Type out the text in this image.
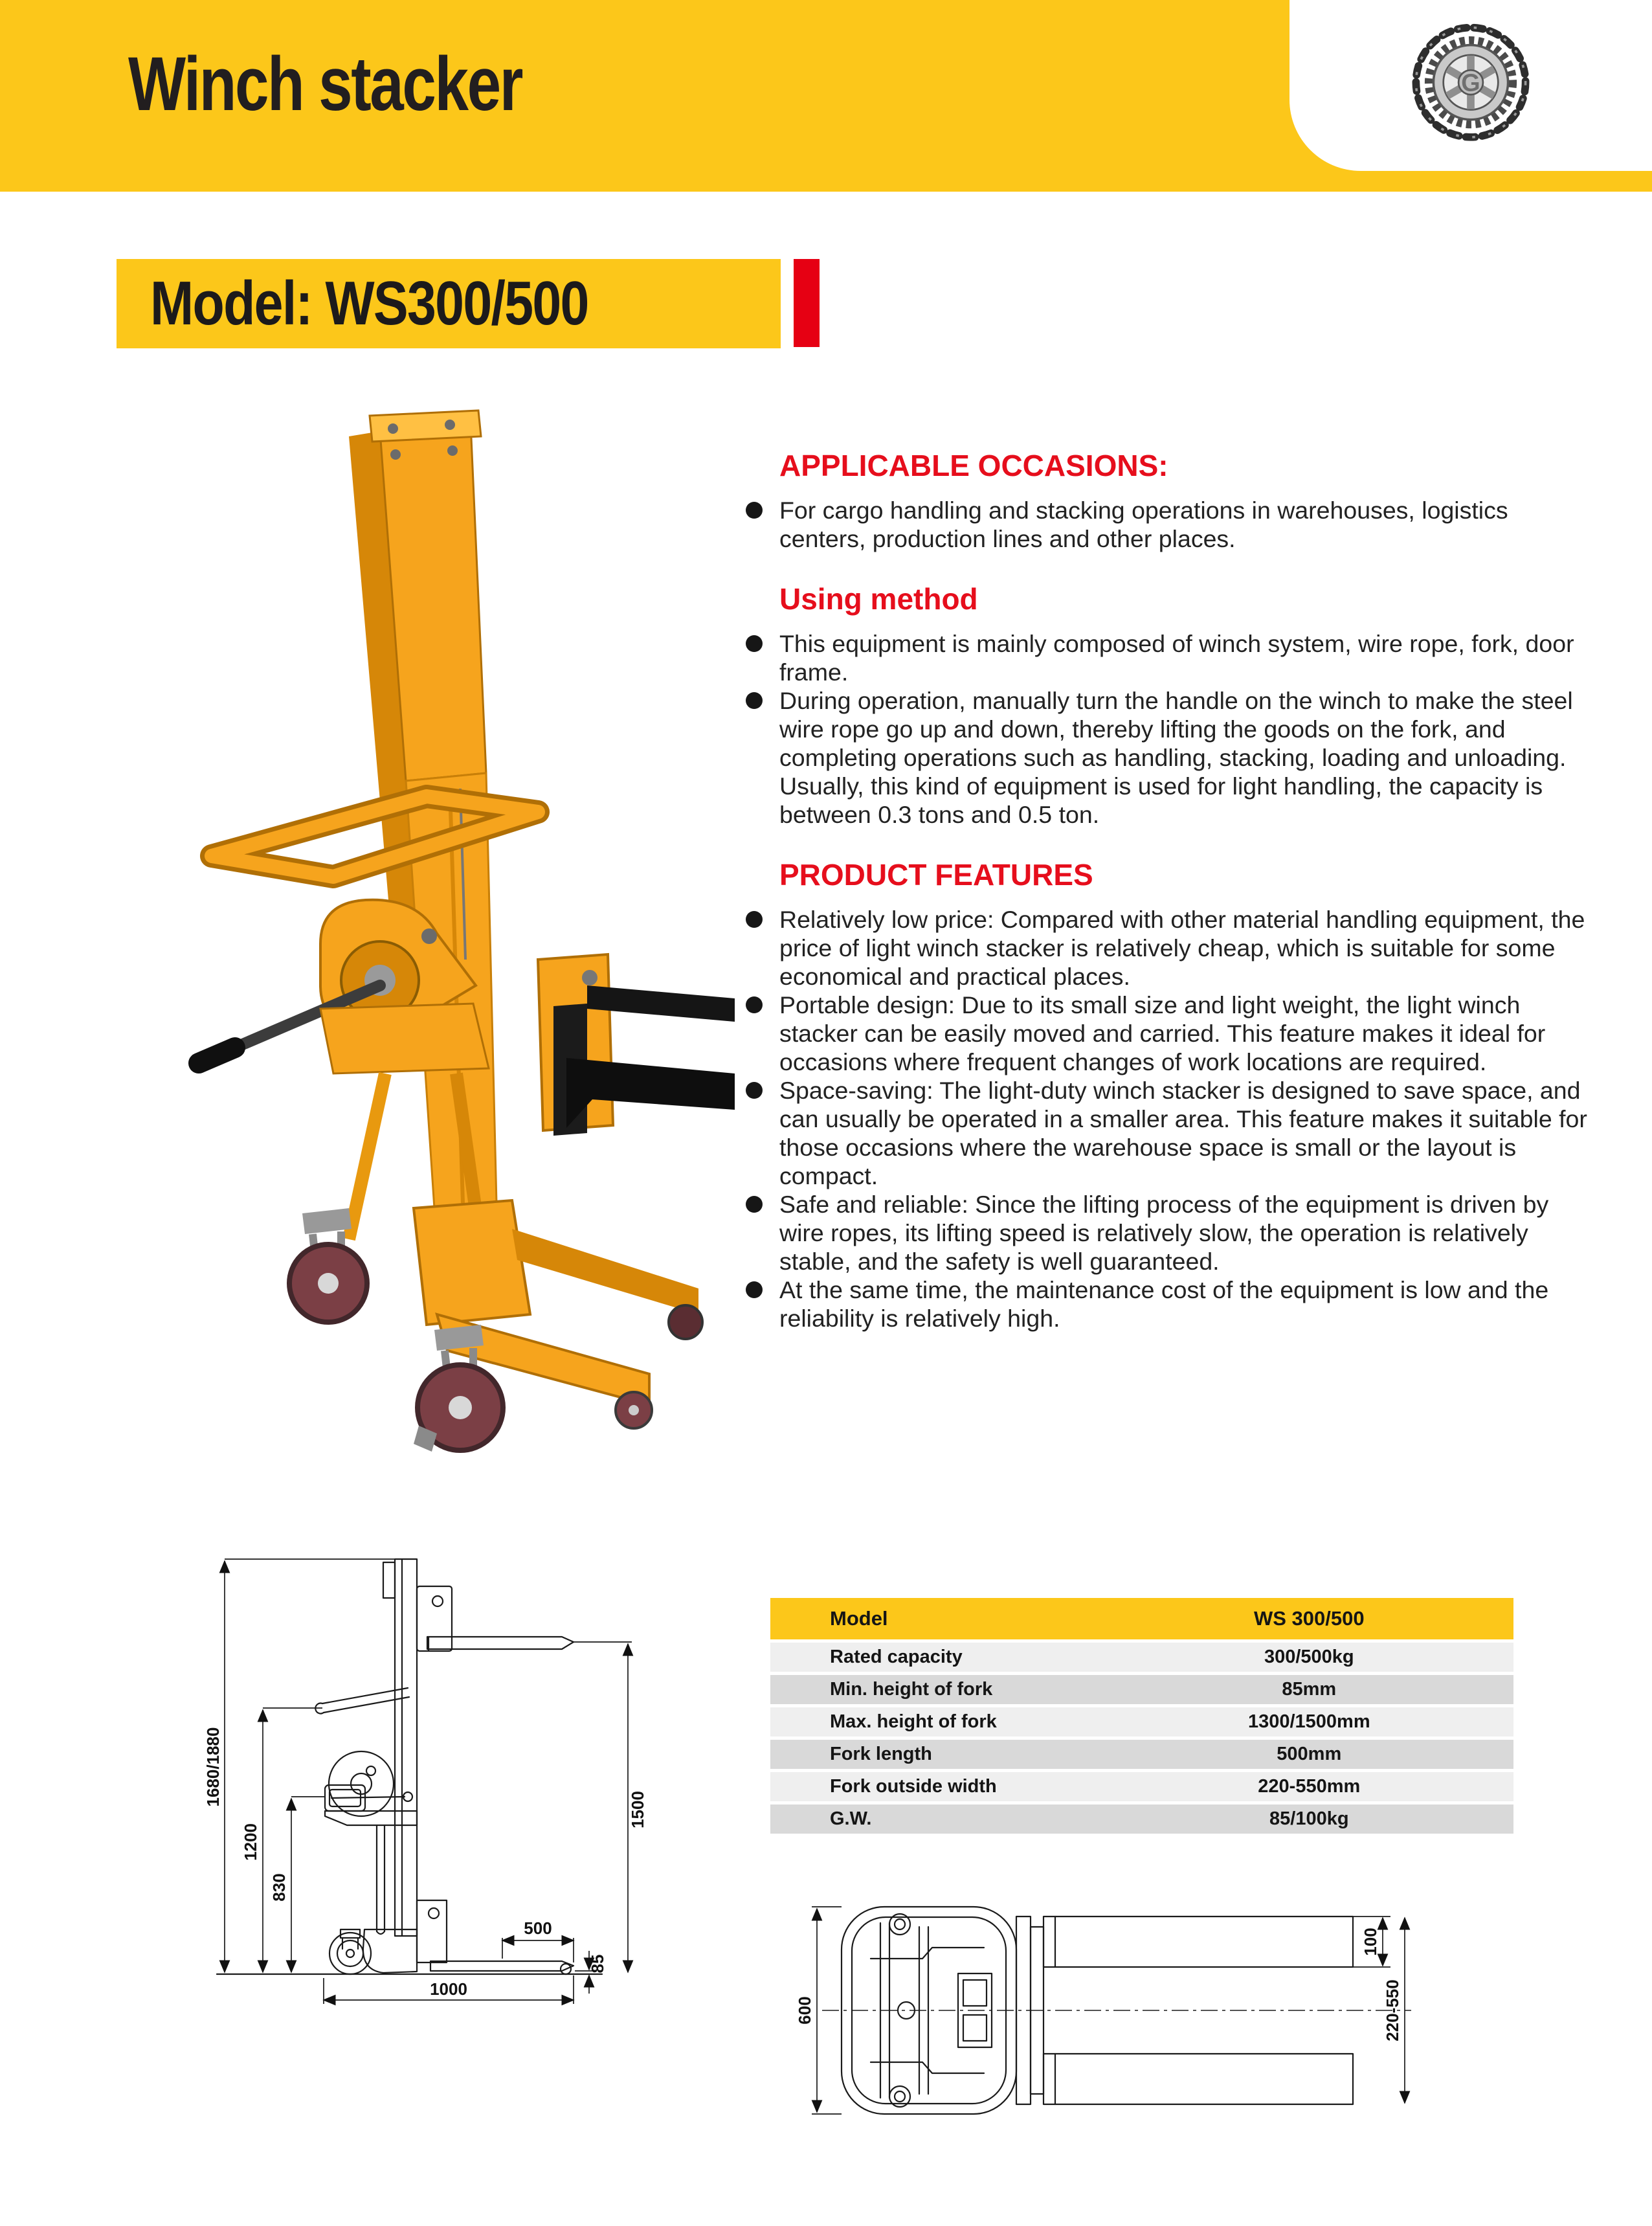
Winch stacker	G
Model: WS300/500
APPLICABLE OCCASIONS:
For cargo handling and stacking operations in warehouses, logistics centers, production lines and other places.
Using method
This equipment is mainly composed of winch system, wire rope, fork, door frame.
During operation, manually turn the handle on the winch to make the steel wire rope go up and down, thereby lifting the goods on the fork, and completing operations such as handling, stacking, loading and unloading. Usually, this kind of equipment is used for light handling, the capacity is between 0.3 tons and 0.5 ton.
PRODUCT FEATURES
Relatively low price: Compared with other material handling equipment, the price of light winch stacker is relatively cheap, which is suitable for some economical and practical places.
Portable design: Due to its small size and light weight, the light winch stacker can be easily moved and carried. This feature makes it ideal for occasions where frequent changes of work locations are required.
Space-saving: The light-duty winch stacker is designed to save space, and can usually be operated in a smaller area. This feature makes it suitable for those occasions where the warehouse space is small or the layout is compact.
Safe and reliable: Since the lifting process of the equipment is driven by wire ropes, its lifting speed is relatively slow, the operation is relatively stable, and the safety is well guaranteed.
At the same time, the maintenance cost of the equipment is low and the reliability is relatively high.
Model	WS 300/500
Rated capacity	300/500kg
Min. height of fork	85mm
Max. height of fork	1300/1500mm
Fork length	500mm
Fork outside width	220-550mm
G.W.	85/100kg
1680/1880
1200
830
1500
500
85
1000
600
100
220-550
